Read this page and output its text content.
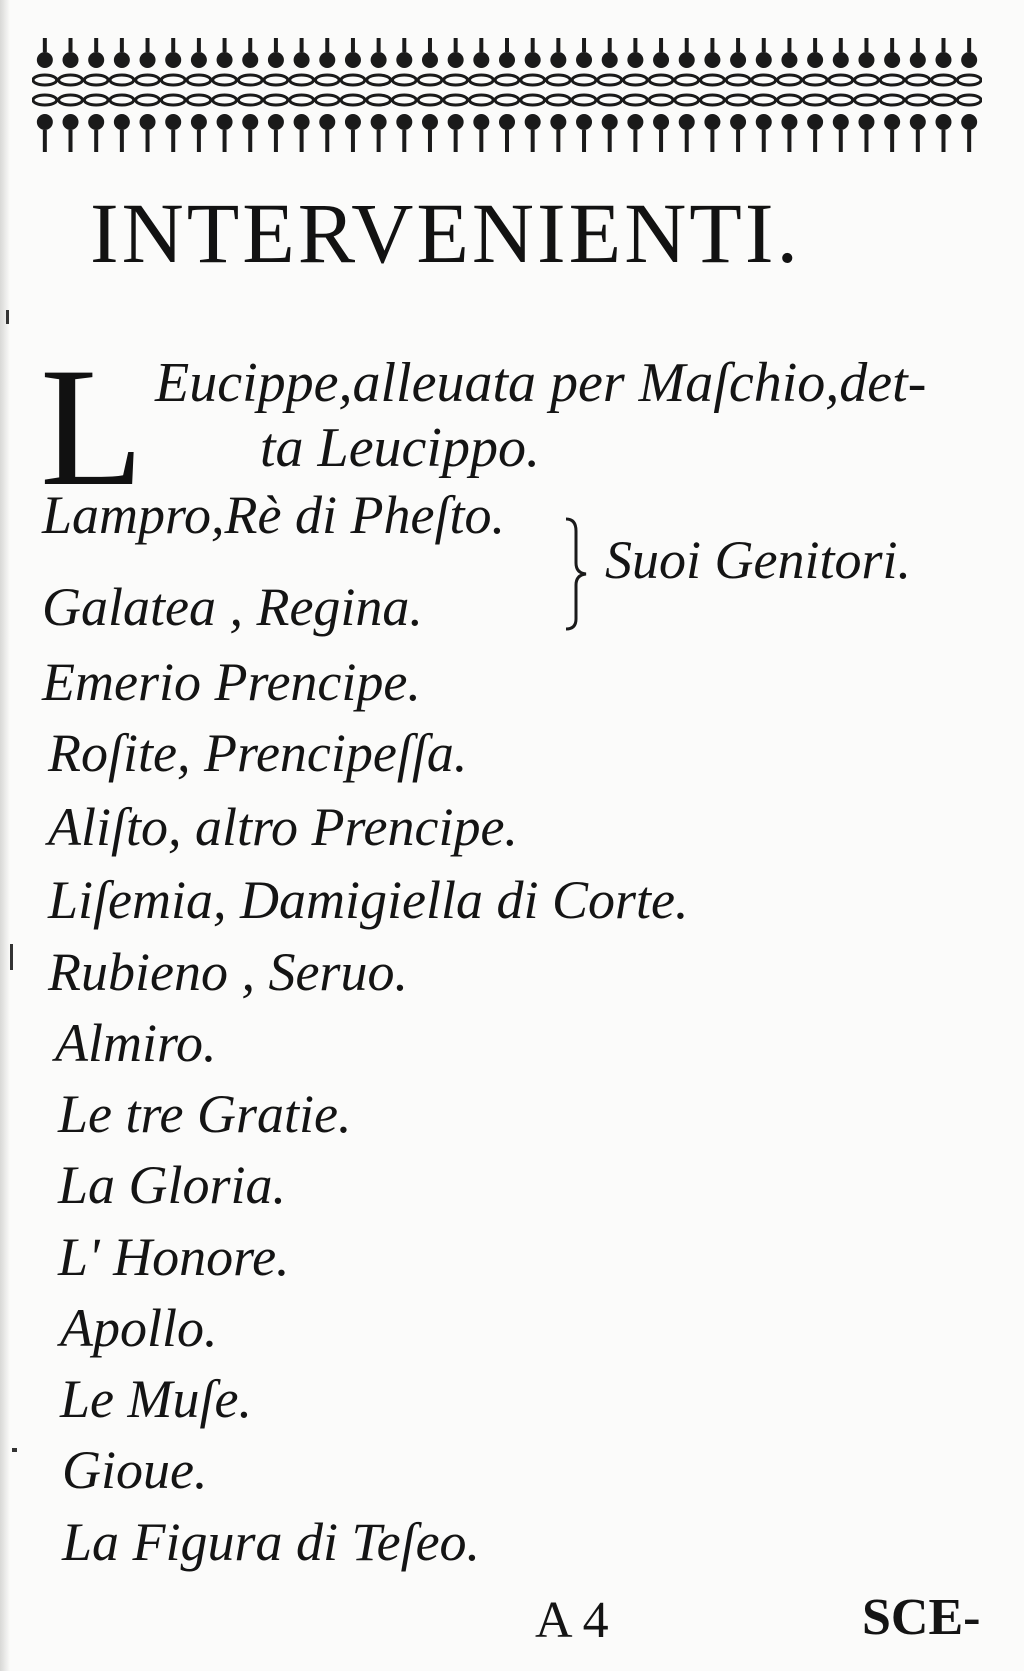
INTERVENIENTI.
L Eucippe,alleuata per Maſchio,det-
ta Leucippo.
Lampro,Rè di Pheſto.
Galatea , Regina.
Suoi Genitori.
Emerio Prencipe.
Roſite, Prencipeſſa.
Aliſto, altro Prencipe.
Liſemia, Damigiella di Corte.
Rubieno , Seruo.
Almiro.
Le tre Gratie.
La Gloria.
L' Honore.
Apollo.
Le Muſe.
Gioue.
La Figura di Teſeo.
A 4	SCE-
